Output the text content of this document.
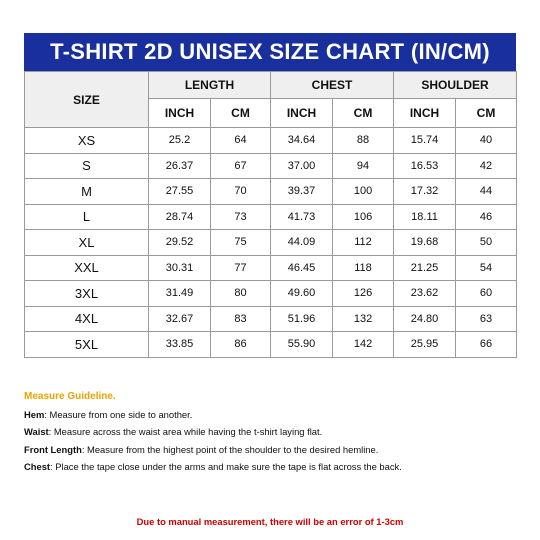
T-SHIRT 2D UNISEX SIZE CHART (IN/CM)
SIZE	LENGTH		CHEST		SHOULDER	
	INCH	CM	INCH	CM	INCH	CM
XS	25.2	64	34.64	88	15.74	40
S	26.37	67	37.00	94	16.53	42
M	27.55	70	39.37	100	17.32	44
L	28.74	73	41.73	106	18.11	46
XL	29.52	75	44.09	112	19.68	50
XXL	30.31	77	46.45	118	21.25	54
3XL	31.49	80	49.60	126	23.62	60
4XL	32.67	83	51.96	132	24.80	63
5XL	33.85	86	55.90	142	25.95	66
Measure Guideline.
Hem: Measure from one side to another.
Waist: Measure across the waist area while having the t-shirt laying flat.
Front Length: Measure from the highest point of the shoulder to the desired hemline.
Chest: Place the tape close under the arms and make sure the tape is flat across the back.
Due to manual measurement, there will be an error of 1-3cm
